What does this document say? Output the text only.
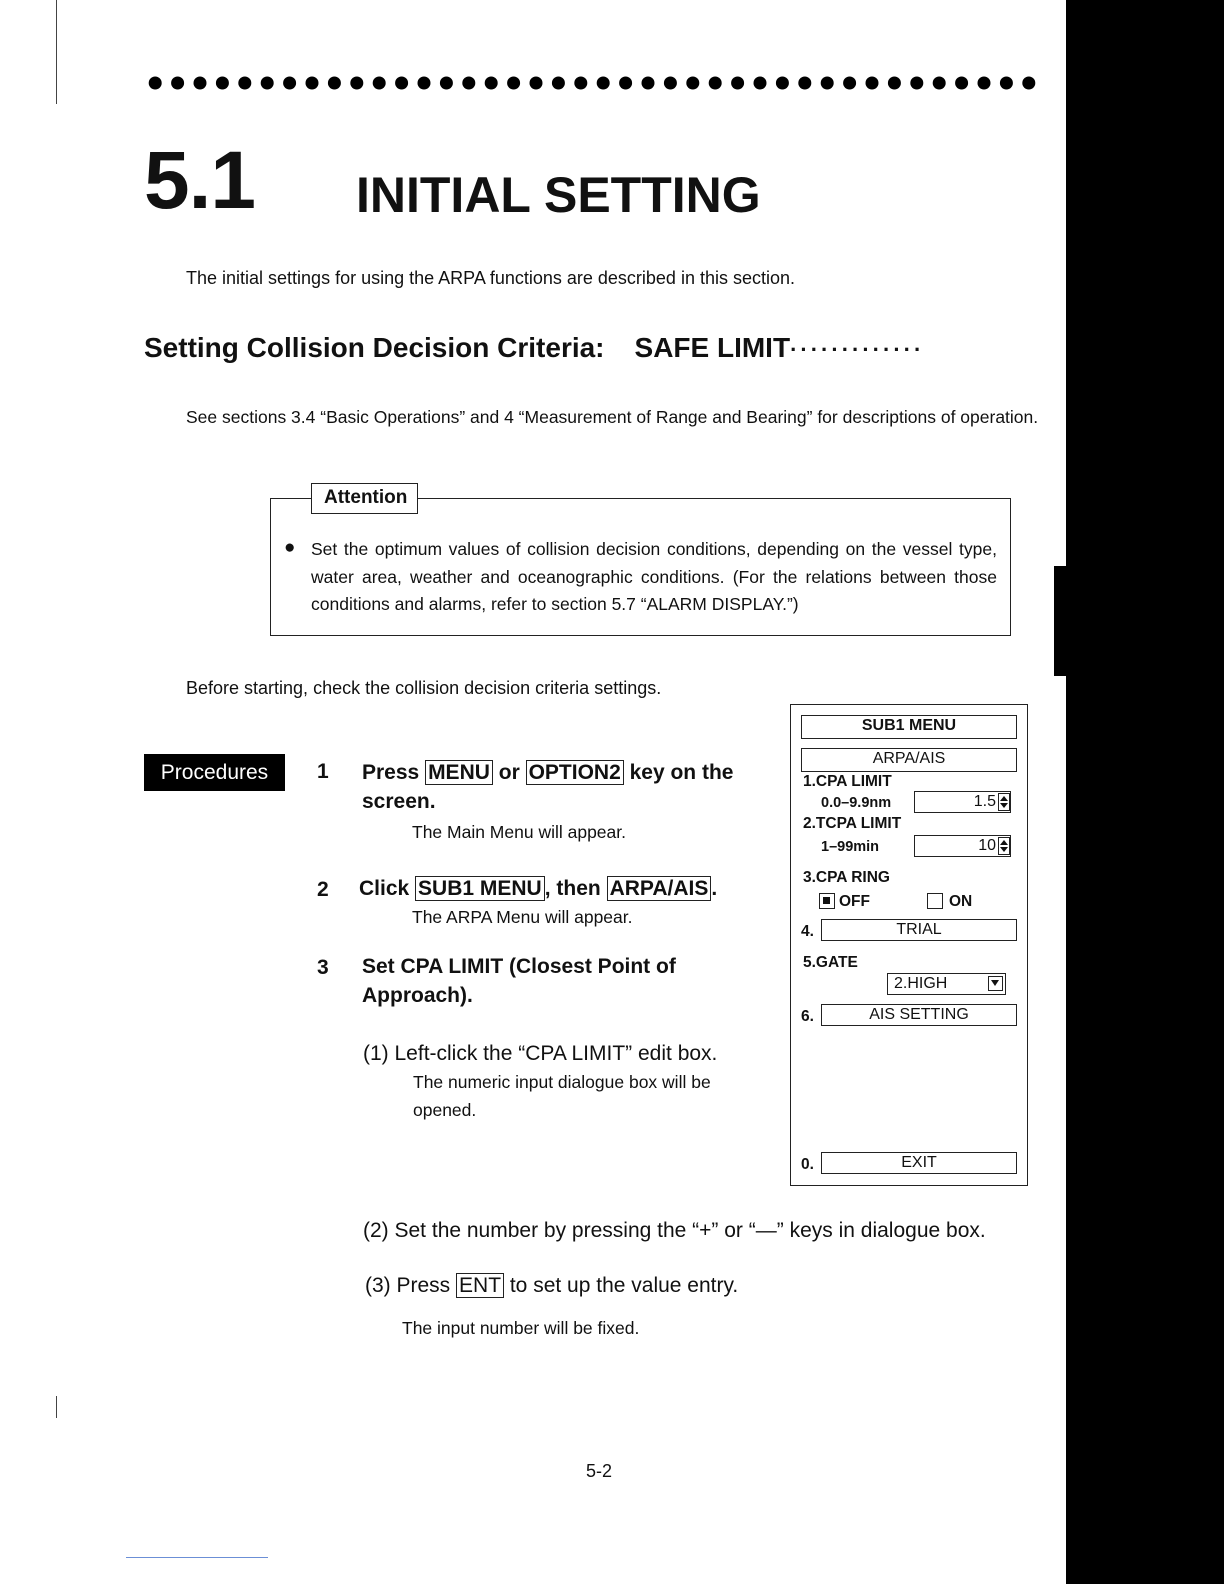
5.1 INITIAL SETTING
The initial settings for using the ARPA functions are described in this section.
Setting Collision Decision Criteria: SAFE LIMIT·············
See sections 3.4 “Basic Operations” and 4 “Measurement of Range and Bearing” for descriptions of operation.
Attention
● Set the optimum values of collision decision conditions, depending on the vessel type, water area, weather and oceanographic conditions. (For the relations between those conditions and alarms, refer to section 5.7 “ALARM DISPLAY.”)
Before starting, check the collision decision criteria settings.
Procedures	1 Press MENU or OPTION2 key on the
screen.
The Main Menu will appear.
2 Click SUB1 MENU , then ARPA/AIS .
The ARPA Menu will appear.
3 Set CPA LIMIT (Closest Point of
Approach).
(1) Left-click the “CPA LIMIT” edit box.
The numeric input dialogue box will be
opened.
(2) Set the number by pressing the “+” or “—” keys in dialogue box.
(3) Press ENT to set up the value entry.
The input number will be fixed.
SUB1 MENU
ARPA/AIS
1.CPA LIMIT
0.0–9.9nm	1.5
2.TCPA LIMIT
1–99min	10
3.CPA RING
OFF	ON
4.	TRIAL
5.GATE
2.HIGH
6.	AIS SETTING
0.	EXIT
5-2
